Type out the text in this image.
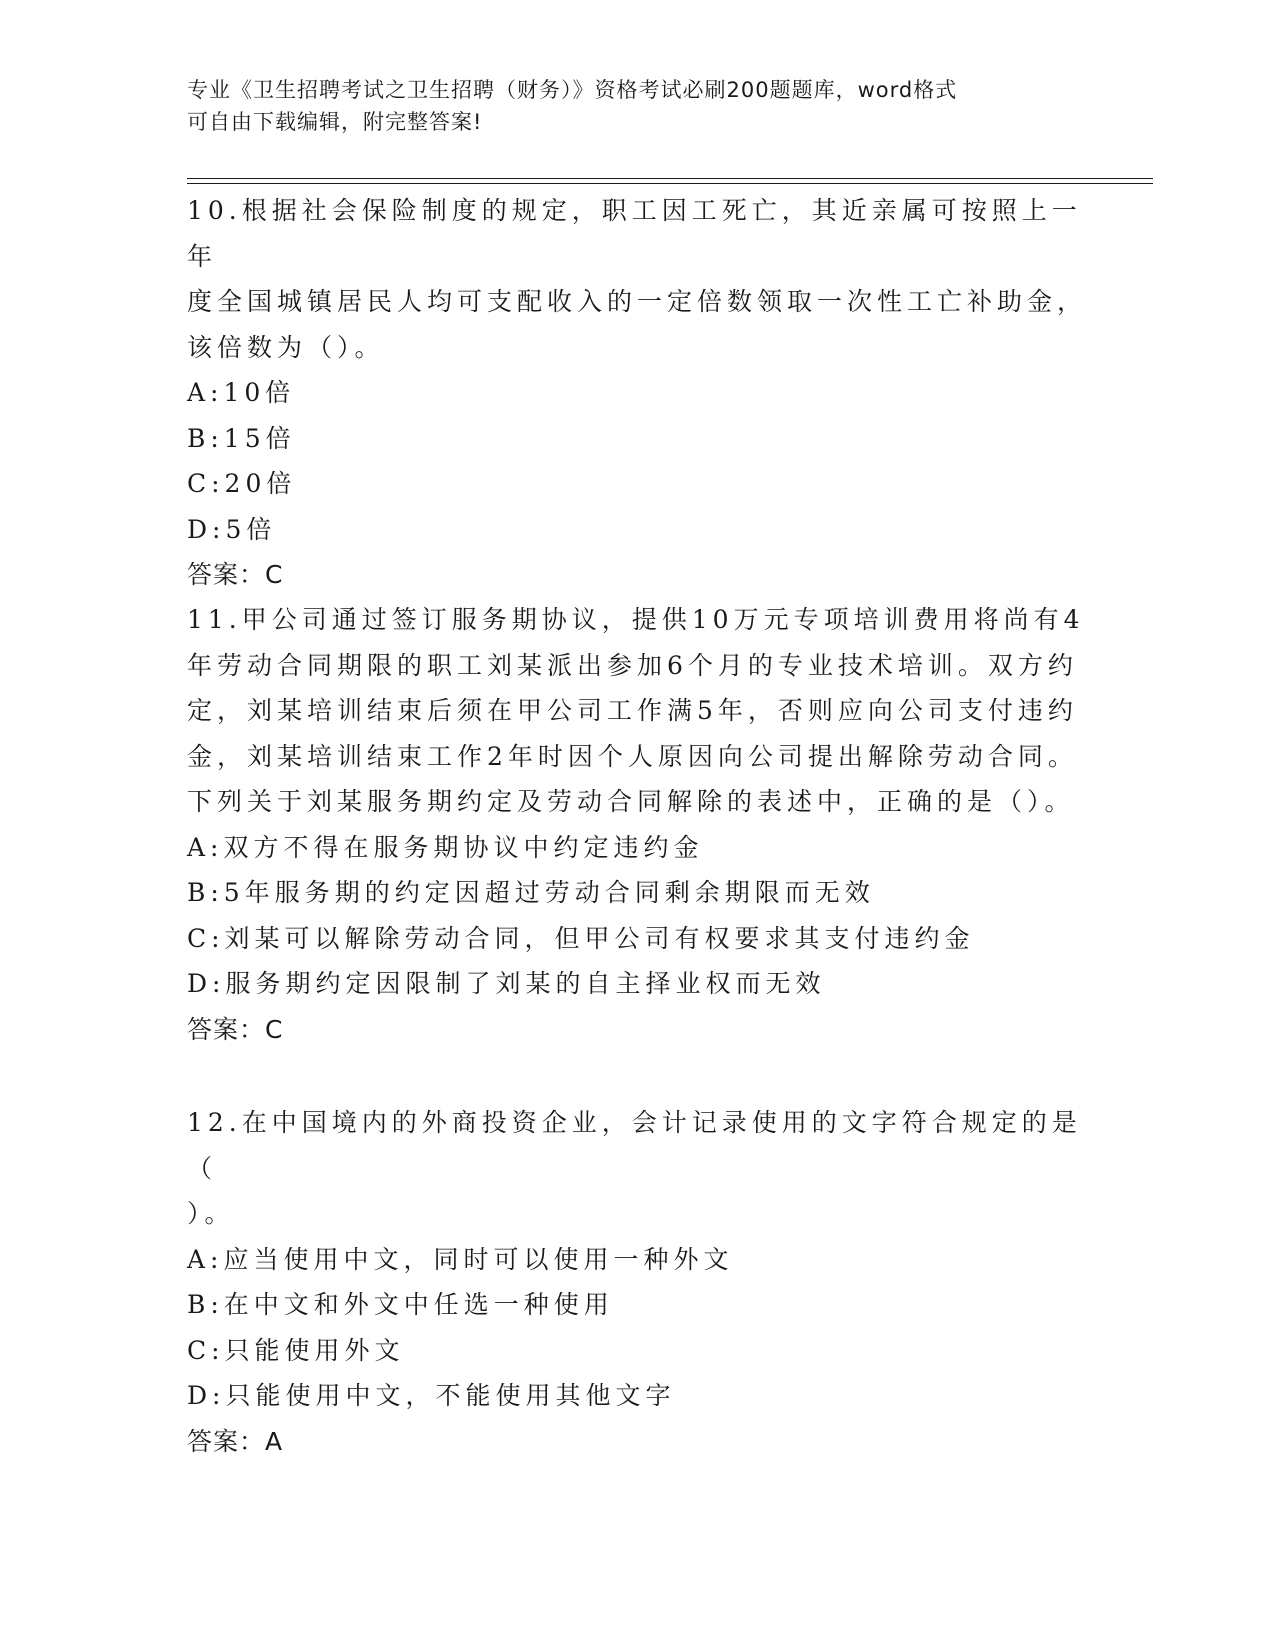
专业《卫生招聘考试之卫生招聘（财务）》资格考试必刷200题题库，word格式
可自由下载编辑，附完整答案!

10.根据社会保险制度的规定，职工因工死亡，其近亲属可按照上一年

度全国城镇居民人均可支配收入的一定倍数领取一次性工亡补助金，

该倍数为（）。

A:10倍

B:15倍

C:20倍

D:5倍

答案：C

11.甲公司通过签订服务期协议，提供10万元专项培训费用将尚有4

年劳动合同期限的职工刘某派出参加6个月的专业技术培训。双方约

定，刘某培训结束后须在甲公司工作满5年，否则应向公司支付违约

金，刘某培训结束工作2年时因个人原因向公司提出解除劳动合同。

下列关于刘某服务期约定及劳动合同解除的表述中，正确的是（）。

A:双方不得在服务期协议中约定违约金

B:5年服务期的约定因超过劳动合同剩余期限而无效

C:刘某可以解除劳动合同，但甲公司有权要求其支付违约金

D:服务期约定因限制了刘某的自主择业权而无效

答案：C

12.在中国境内的外商投资企业，会计记录使用的文字符合规定的是（

）。

A:应当使用中文，同时可以使用一种外文

B:在中文和外文中任选一种使用

C:只能使用外文

D:只能使用中文，不能使用其他文字

答案：A
